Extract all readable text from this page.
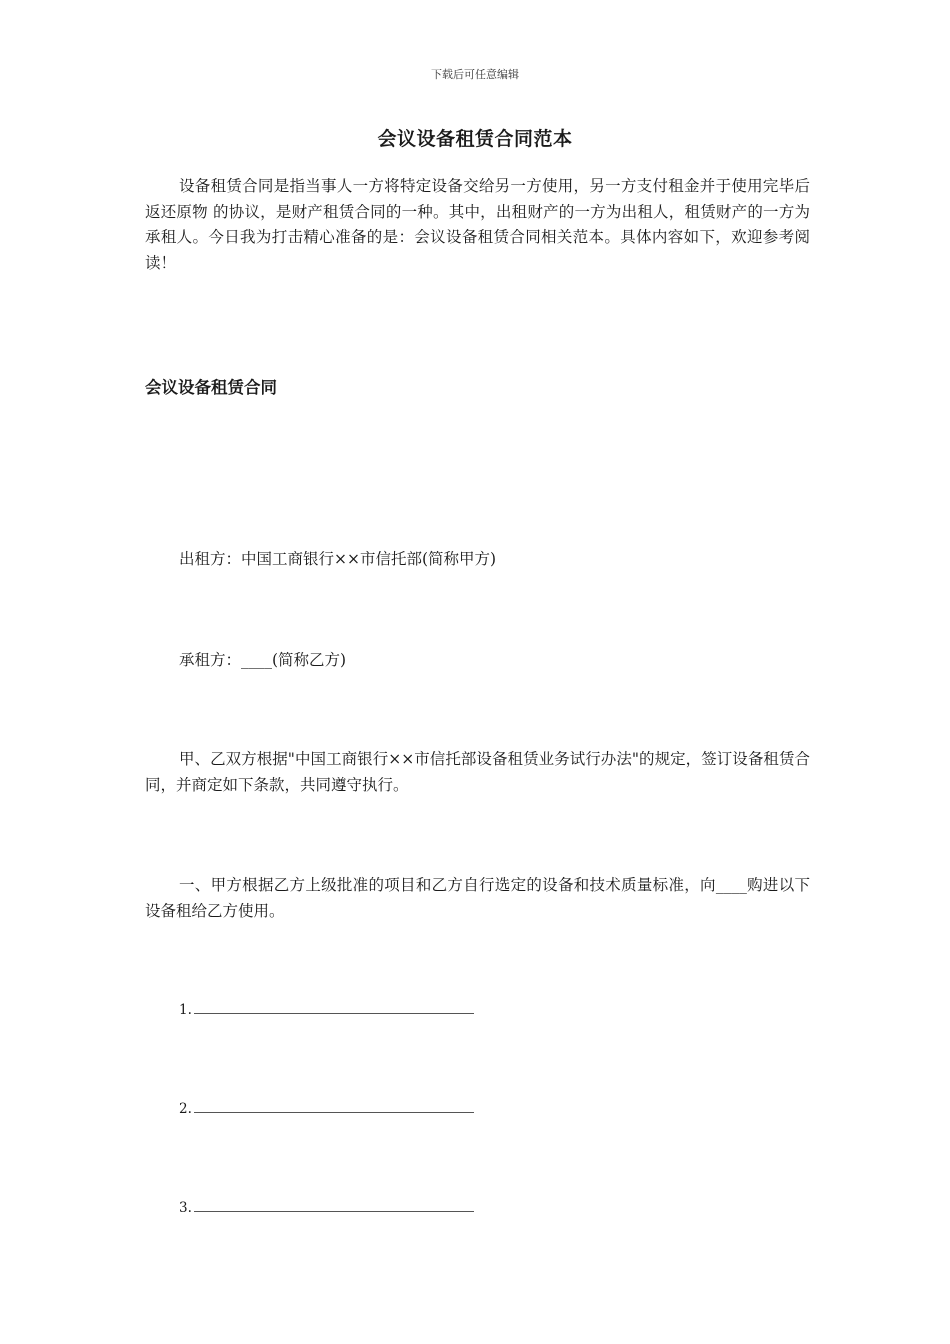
下载后可任意编辑
会议设备租赁合同范本

设备租赁合同是指当事人一方将特定设备交给另一方使用，另一方支付租金并于使用完毕后返还原物 的协议，是财产租赁合同的一种。其中，出租财产的一方为出租人，租赁财产的一方为承租人。今日我为打击精心准备的是：会议设备租赁合同相关范本。具体内容如下，欢迎参考阅读！

会议设备租赁合同
出租方：中国工商银行××市信托部(简称甲方)
承租方：____(简称乙方)

甲、乙双方根据"中国工商银行××市信托部设备租赁业务试行办法"的规定，签订设备租赁合同，并商定如下条款，共同遵守执行。

一、甲方根据乙方上级批准的项目和乙方自行选定的设备和技术质量标准，向____购进以下设备租给乙方使用。

1.
2.
3.
